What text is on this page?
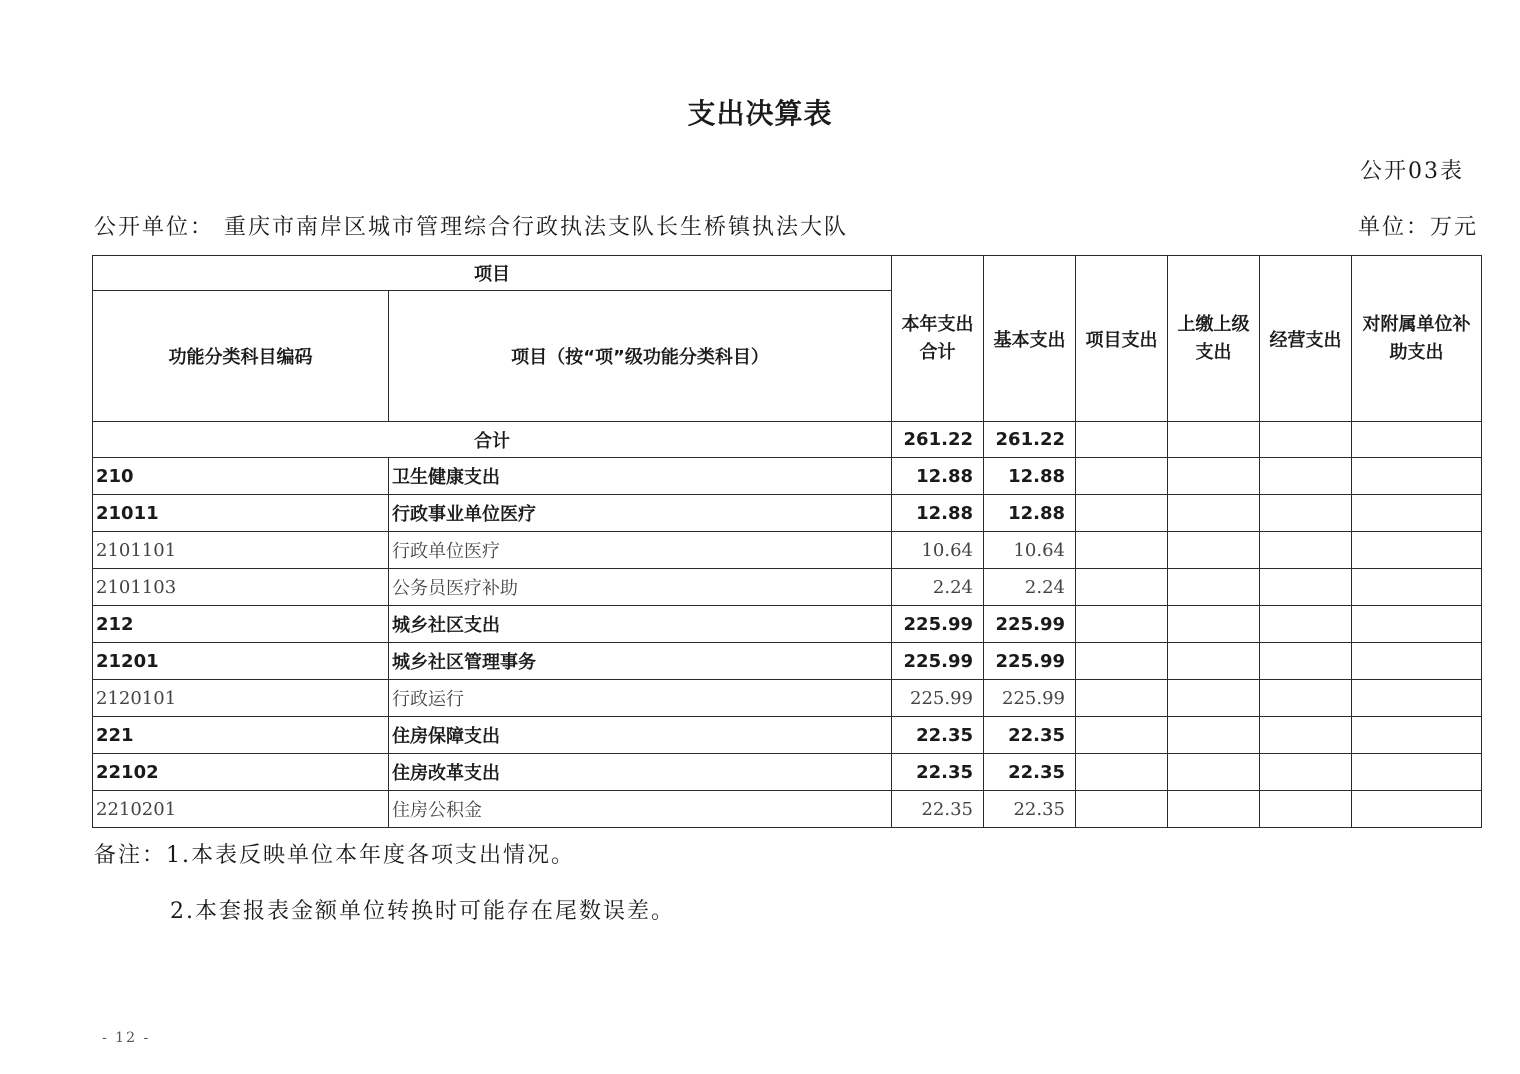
支出决算表
公开03表
公开单位： 重庆市南岸区城市管理综合行政执法支队长生桥镇执法大队	单位：万元
项目		本年支出合计	基本支出	项目支出	上缴上级支出	经营支出	对附属单位补助支出
功能分类科目编码	项目（按“项”级功能分类科目）						
合计		261.22	261.22				
210	卫生健康支出	12.88	12.88				
21011	行政事业单位医疗	12.88	12.88				
2101101	行政单位医疗	10.64	10.64				
2101103	公务员医疗补助	2.24	2.24				
212	城乡社区支出	225.99	225.99				
21201	城乡社区管理事务	225.99	225.99				
2120101	行政运行	225.99	225.99				
221	住房保障支出	22.35	22.35				
22102	住房改革支出	22.35	22.35				
2210201	住房公积金	22.35	22.35				
备注：1.本表反映单位本年度各项支出情况。
2.本套报表金额单位转换时可能存在尾数误差。
- 12 -
